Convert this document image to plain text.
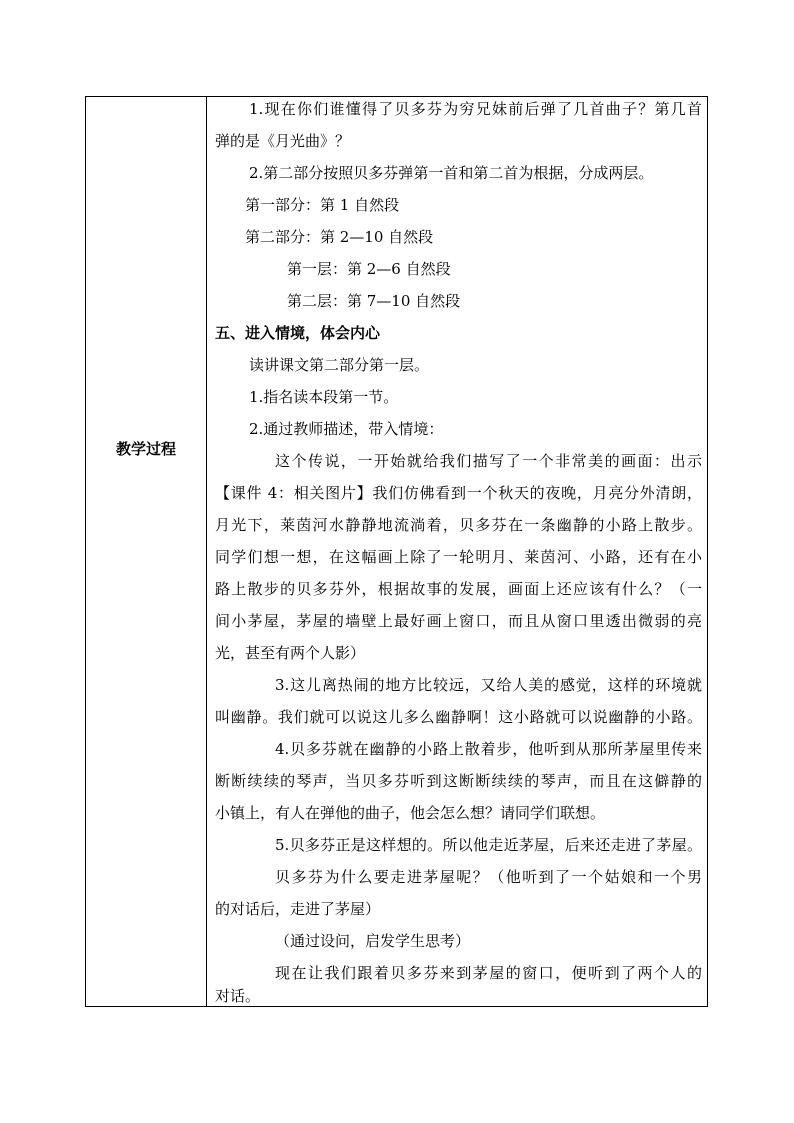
教学过程
1.现在你们谁懂得了贝多芬为穷兄妹前后弹了几首曲子？第几首
弹的是《月光曲》？
2.第二部分按照贝多芬弹第一首和第二首为根据，分成两层。
第一部分：第 1 自然段
第二部分：第 2—10 自然段
第一层：第 2—6 自然段
第二层：第 7—10 自然段
五、进入情境，体会内心
读讲课文第二部分第一层。
1.指名读本段第一节。
2.通过教师描述，带入情境：
这个传说，一开始就给我们描写了一个非常美的画面：出示
【课件 4：相关图片】我们仿佛看到一个秋天的夜晚，月亮分外清朗，
月光下，莱茵河水静静地流淌着，贝多芬在一条幽静的小路上散步。
同学们想一想，在这幅画上除了一轮明月、莱茵河、小路，还有在小
路上散步的贝多芬外，根据故事的发展，画面上还应该有什么？（一
间小茅屋，茅屋的墙壁上最好画上窗口，而且从窗口里透出微弱的亮
光，甚至有两个人影）
3.这儿离热闹的地方比较远，又给人美的感觉，这样的环境就
叫幽静。我们就可以说这儿多么幽静啊！这小路就可以说幽静的小路。
4.贝多芬就在幽静的小路上散着步，他听到从那所茅屋里传来
断断续续的琴声，当贝多芬听到这断断续续的琴声，而且在这僻静的
小镇上，有人在弹他的曲子，他会怎么想？请同学们联想。
5.贝多芬正是这样想的。所以他走近茅屋，后来还走进了茅屋。
贝多芬为什么要走进茅屋呢？（他听到了一个姑娘和一个男
的对话后，走进了茅屋）
（通过设问，启发学生思考）
现在让我们跟着贝多芬来到茅屋的窗口，便听到了两个人的
对话。
